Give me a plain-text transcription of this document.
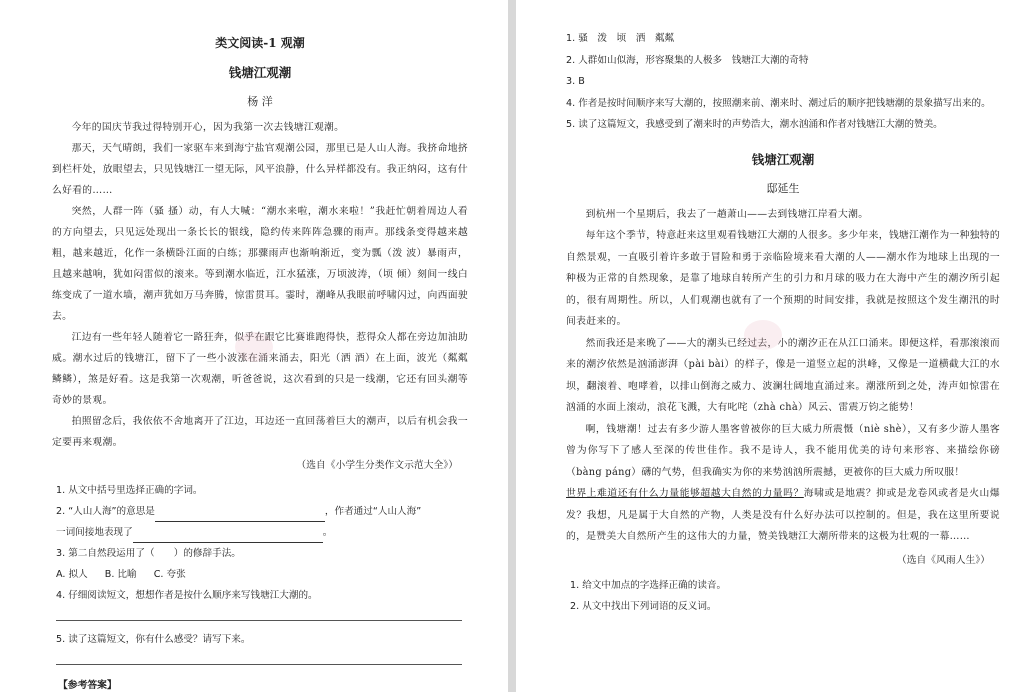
类文阅读-1 观潮
钱塘江观潮
杨 洋

今年的国庆节我过得特别开心，因为我第一次去钱塘江观潮。

那天，天气晴朗，我们一家驱车来到海宁盐官观潮公园，那里已是人山人海。我挤命地挤到栏杆处，放眼望去，只见钱塘江一望无际，风平浪静，什么异样都没有。我正纳闷，这有什么好看的……

突然，人群一阵（骚 搔）动，有人大喊：“潮水来啦，潮水来啦！”我赶忙朝着周边人看的方向望去，只见远处现出一条长长的银线，隐约传来阵阵急骤的雨声。那线条变得越来越粗，越来越近，化作一条横卧江面的白练；那骤雨声也渐响渐近，变为瓢（泼 波）暴雨声，且越来越响，犹如闷雷似的滚来。等到潮水临近，江水猛涨，万顷波涛，（顷 倾）刻间一线白练变成了一道水墙，潮声犹如万马奔腾，惊雷贯耳。霎时，潮峰从我眼前呼啸闪过，向西面驶去。

江边有一些年轻人随着它一路狂奔，似乎在跟它比赛谁跑得快，惹得众人都在旁边加油助威。潮水过后的钱塘江，留下了一些小波涨在涌来涌去，阳光（洒 酒）在上面，波光（粼粼 鳞鳞），煞是好看。这是我第一次观潮，听爸爸说，这次看到的只是一线潮，它还有回头潮等奇妙的景观。

拍照留念后，我依依不舍地离开了江边，耳边还一直回荡着巨大的潮声，以后有机会我一定要再来观潮。

（选自《小学生分类作文示范大全》）
1. 从文中括号里选择正确的字词。
2. “人山人海”的意思是	，作者通过“人山人海”
一词间接地表现了	。
3. 第二自然段运用了（　　）的修辞手法。
A. 拟人 B. 比喻 C. 夸张
4. 仔细阅读短文，想想作者是按什么顺序来写钱塘江大潮的。
5. 读了这篇短文，你有什么感受？请写下来。
【参考答案】
1. 骚　泼　顷　洒　粼粼
2. 人群如山似海，形容聚集的人极多　钱塘江大潮的奇特
3. B
4. 作者是按时间顺序来写大潮的，按照潮来前、潮来时、潮过后的顺序把钱塘潮的景象描写出来的。
5. 读了这篇短文，我感受到了潮来时的声势浩大，潮水汹涌和作者对钱塘江大潮的赞美。
钱塘江观潮
邸延生

到杭州一个星期后，我去了一趟萧山——去到钱塘江岸看大潮。

每年这个季节，特意赶来这里观看钱塘江大潮的人很多。多少年来，钱塘江潮作为一种独特的自然景观，一直吸引着许多敢于冒险和勇于亲临险境来看大潮的人——潮水作为地球上出现的一种极为正常的自然现象，是靠了地球自转所产生的引力和月球的吸力在大海中产生的潮汐所引起的，很有周期性。所以，人们观潮也就有了一个预期的时间安排，我就是按照这个发生潮汛的时间表赶来的。

然而我还是来晚了——大的潮头已经过去，小的潮汐正在从江口涌来。即便这样，看那滚滚而来的潮汐依然是汹涌澎湃（pài bài）的样子，像是一道竖立起的洪峰，又像是一道横截大江的水坝，翻滚着、咆哮着，以排山倒海之威力、波澜壮阔地直涌过来。潮涨所到之处，涛声如惊雷在汹涌的水面上滚动，浪花飞溅，大有叱咤（zhà chà）风云、雷震万钧之能势！

啊，钱塘潮！过去有多少游人墨客曾被你的巨大威力所震慑（niè shè），又有多少游人墨客曾为你写下了感人至深的传世佳作。我不是诗人，我不能用优美的诗句来形容、来描绘你磅（bàng páng）礴的气势，但我确实为你的来势汹汹所震撼，更被你的巨大威力所叹服！

世界上难道还有什么力量能够超越大自然的力量吗？海啸或是地震？抑或是龙卷风或者是火山爆发？我想，凡是属于大自然的产物，人类是没有什么好办法可以控制的。但是，我在这里所要说的，是赞美大自然所产生的这伟大的力量，赞美钱塘江大潮所带来的这极为壮观的一幕……

（选自《风雨人生》）
1. 给文中加点的字选择正确的读音。
2. 从文中找出下列词语的反义词。
